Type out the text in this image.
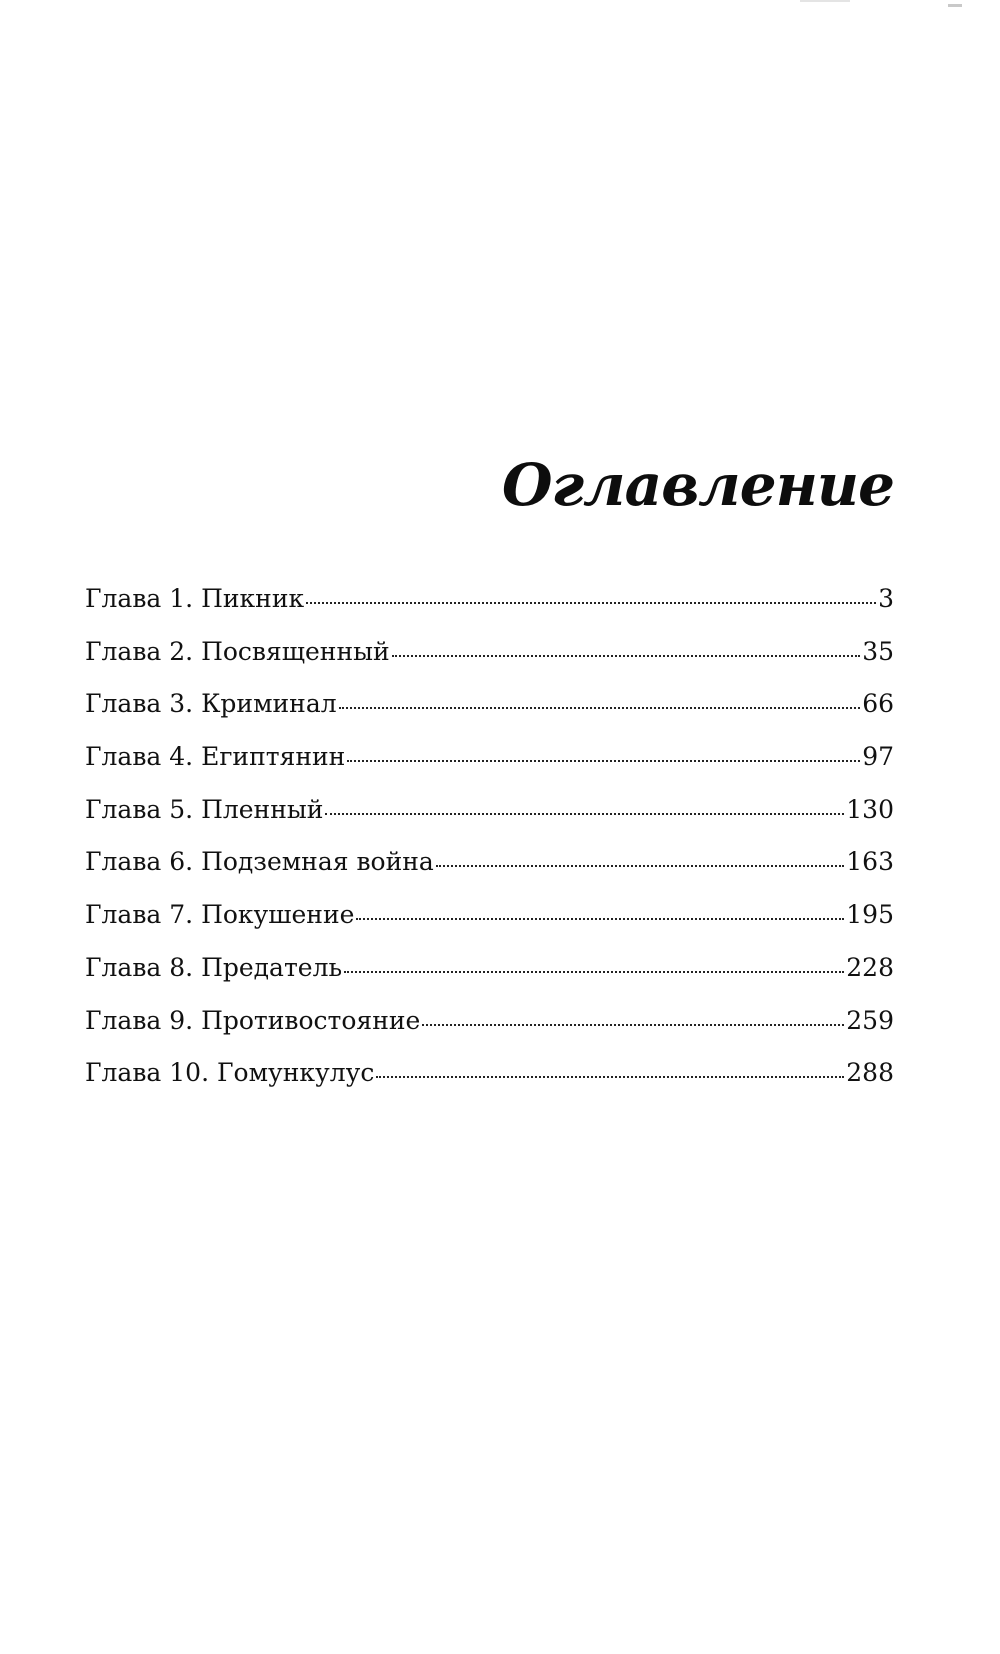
Оглавление
Глава 1. Пикник	3
Глава 2. Посвященный	35
Глава 3. Криминал	66
Глава 4. Египтянин	97
Глава 5. Пленный	130
Глава 6. Подземная война	163
Глава 7. Покушение	195
Глава 8. Предатель	228
Глава 9. Противостояние	259
Глава 10. Гомункулус	288
